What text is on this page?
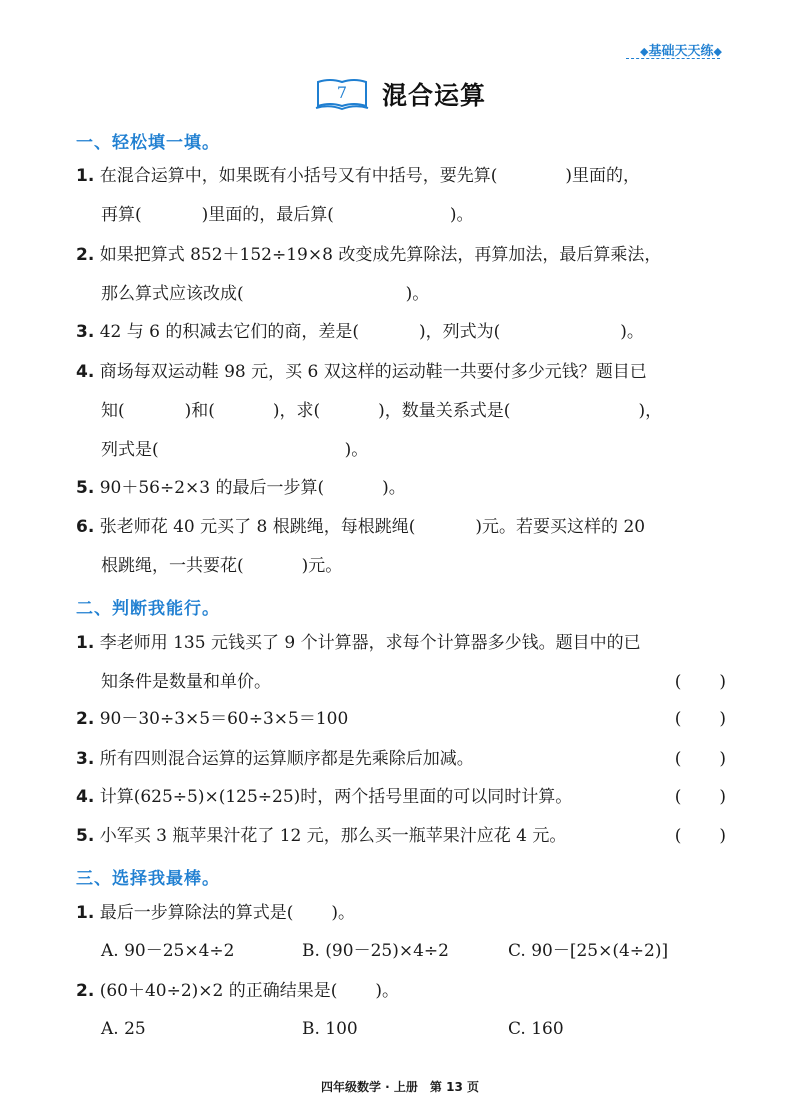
◆基础天天练◆
7 混合运算
一、轻松填一填。
1. 在混合运算中，如果既有小括号又有中括号，要先算(	)里面的，
再算(	)里面的，最后算(	)。
2. 如果把算式 852＋152÷19×8 改变成先算除法，再算加法，最后算乘法，
那么算式应该改成(	)。
3. 42 与 6 的积减去它们的商，差是(	)，列式为(	)。
4. 商场每双运动鞋 98 元，买 6 双这样的运动鞋一共要付多少元钱？题目已
知(	)和(	)，求(	)，数量关系式是(	)，
列式是(	)。
5. 90＋56÷2×3 的最后一步算(	)。
6. 张老师花 40 元买了 8 根跳绳，每根跳绳(	)元。若要买这样的 20
根跳绳，一共要花(	)元。
二、判断我能行。
1. 李老师用 135 元钱买了 9 个计算器，求每个计算器多少钱。题目中的已
知条件是数量和单价。	( )
2. 90－30÷3×5＝60÷3×5＝100	( )
3. 所有四则混合运算的运算顺序都是先乘除后加减。	( )
4. 计算(625÷5)×(125÷25)时，两个括号里面的可以同时计算。	( )
5. 小军买 3 瓶苹果汁花了 12 元，那么买一瓶苹果汁应花 4 元。	( )
三、选择我最棒。
1. 最后一步算除法的算式是( )。
A. 90－25×4÷2	B. (90－25)×4÷2	C. 90－[25×(4÷2)]
2. (60＋40÷2)×2 的正确结果是( )。
A. 25	B. 100	C. 160
四年级数学 · 上册　第 13 页
